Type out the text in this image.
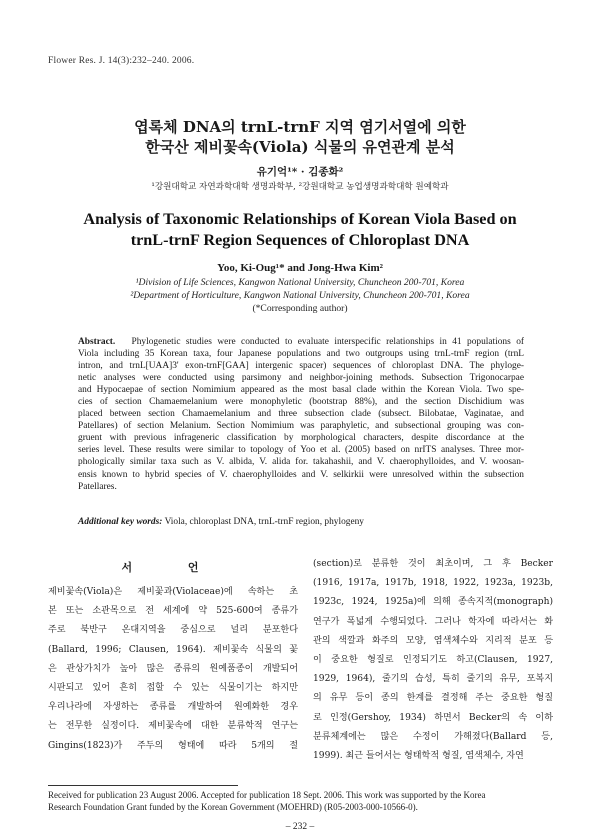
Flower Res. J. 14(3):232–240. 2006.
엽록체 DNA의 trnL-trnF 지역 염기서열에 의한
한국산 제비꽃속(Viola) 식물의 유연관계 분석
유기억¹* · 김종화²
¹강원대학교 자연과학대학 생명과학부, ²강원대학교 농업생명과학대학 원예학과
Analysis of Taxonomic Relationships of Korean Viola Based on
trnL-trnF Region Sequences of Chloroplast DNA
Yoo, Ki-Oug¹* and Jong-Hwa Kim²
¹Division of Life Sciences, Kangwon National University, Chuncheon 200-701, Korea
²Department of Horticulture, Kangwon National University, Chuncheon 200-701, Korea
(*Corresponding author)
Abstract. Phylogenetic studies were conducted to evaluate interspecific relationships in 41 populations of
Viola including 35 Korean taxa, four Japanese populations and two outgroups using trnL-trnF region (trnL
intron, and trnL[UAA]3' exon-trnF[GAA] intergenic spacer) sequences of chloroplast DNA. The phyloge-
netic analyses were conducted using parsimony and neighbor-joining methods. Subsection Trigonocarpae
and Hypocaepae of section Nomimium appeared as the most basal clade within the Korean Viola. Two spe-
cies of section Chamaemelanium were monophyletic (bootstrap 88%), and the section Dischidium was
placed between section Chamaemelanium and three subsection clade (subsect. Bilobatae, Vaginatae, and
Patellares) of section Melanium. Section Nomimium was paraphyletic, and subsectional grouping was con-
gruent with previous infrageneric classification by morphological characters, despite discordance at the
series level. These results were similar to topology of Yoo et al. (2005) based on nrITS analyses. Three mor-
phologically similar taxa such as V. albida, V. alida for. takahashii, and V. chaerophylloides, and V. woosan-
ensis known to hybrid species of V. chaerophylloides and V. selkirkii were unresolved within the subsection
Patellares.
Additional key words: Viola, chloroplast DNA, trnL-trnF region, phylogeny
서 언
제비꽃속(Viola)은 제비꽃과(Violaceae)에 속하는 초
본 또는 소관목으로 전 세계에 약 525-600여 종류가
주로 북반구 온대지역을 중심으로 널리 분포한다
(Ballard, 1996; Clausen, 1964). 제비꽃속 식물의 꽃
은 관상가치가 높아 많은 종류의 원예품종이 개발되어
시판되고 있어 흔히 접할 수 있는 식물이기는 하지만
우리나라에 자생하는 종류를 개발하여 원예화한 경우
는 전무한 실정이다. 제비꽃속에 대한 분류학적 연구는
Gingins(1823)가 주두의 형태에 따라 5개의 절
(section)로 분류한 것이 최초이며, 그 후 Becker
(1916, 1917a, 1917b, 1918, 1922, 1923a, 1923b,
1923c, 1924, 1925a)에 의해 종속지적(monograph)
연구가 폭넓게 수행되었다. 그러나 학자에 따라서는 화
관의 색깔과 화주의 모양, 염색체수와 지리적 분포 등
이 중요한 형질로 인정되기도 하고(Clausen, 1927,
1929, 1964), 줄기의 습성, 특히 줄기의 유무, 포복지
의 유무 등이 종의 한계를 결정해 주는 중요한 형질
로 인정(Gershoy, 1934) 하면서 Becker의 속 이하
분류체계에는 많은 수정이 가해졌다(Ballard 등,
1999). 최근 들어서는 형태학적 형질, 염색체수, 자연
Received for publication 23 August 2006. Accepted for publication 18 Sept. 2006. This work was supported by the Korea
Research Foundation Grant funded by the Korean Government (MOEHRD) (R05-2003-000-10566-0).
– 232 –
